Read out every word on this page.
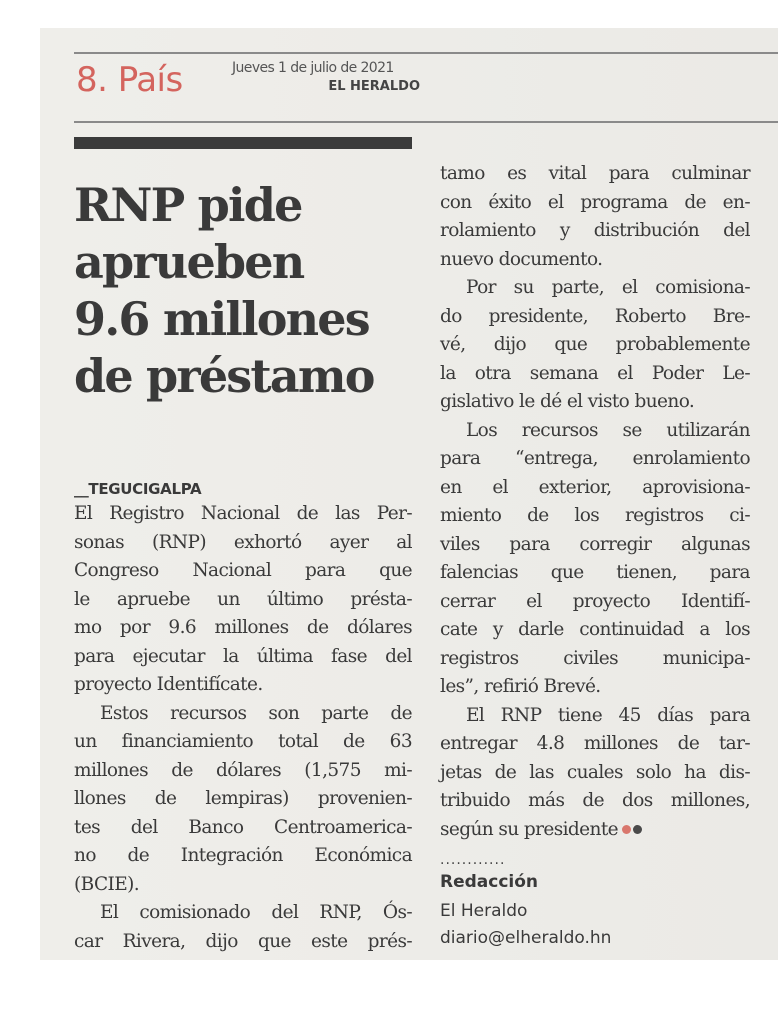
8. País	Jueves 1 de julio de 2021
EL HERALDO
RNP pide
aprueben
9.6 millones
de préstamo
__TEGUCIGALPA
El Registro Nacional de las Per-
sonas (RNP) exhortó ayer al
Congreso Nacional para que
le apruebe un último présta-
mo por 9.6 millones de dólares
para ejecutar la última fase del
proyecto Identifícate.
Estos recursos son parte de
un financiamiento total de 63
millones de dólares (1,575 mi-
llones de lempiras) provenien-
tes del Banco Centroamerica-
no de Integración Económica
(BCIE).
El comisionado del RNP, Ós-
car Rivera, dijo que este prés-
tamo es vital para culminar
con éxito el programa de en-
rolamiento y distribución del
nuevo documento.
Por su parte, el comisiona-
do presidente, Roberto Bre-
vé, dijo que probablemente
la otra semana el Poder Le-
gislativo le dé el visto bueno.
Los recursos se utilizarán
para “entrega, enrolamiento
en el exterior, aprovisiona-
miento de los registros ci-
viles para corregir algunas
falencias que tienen, para
cerrar el proyecto Identifí-
cate y darle continuidad a los
registros civiles municipa-
les”, refirió Brevé.
El RNP tiene 45 días para
entregar 4.8 millones de tar-
jetas de las cuales solo ha dis-
tribuido más de dos millones,
según su presidente
............
Redacción
El Heraldo
diario@elheraldo.hn
